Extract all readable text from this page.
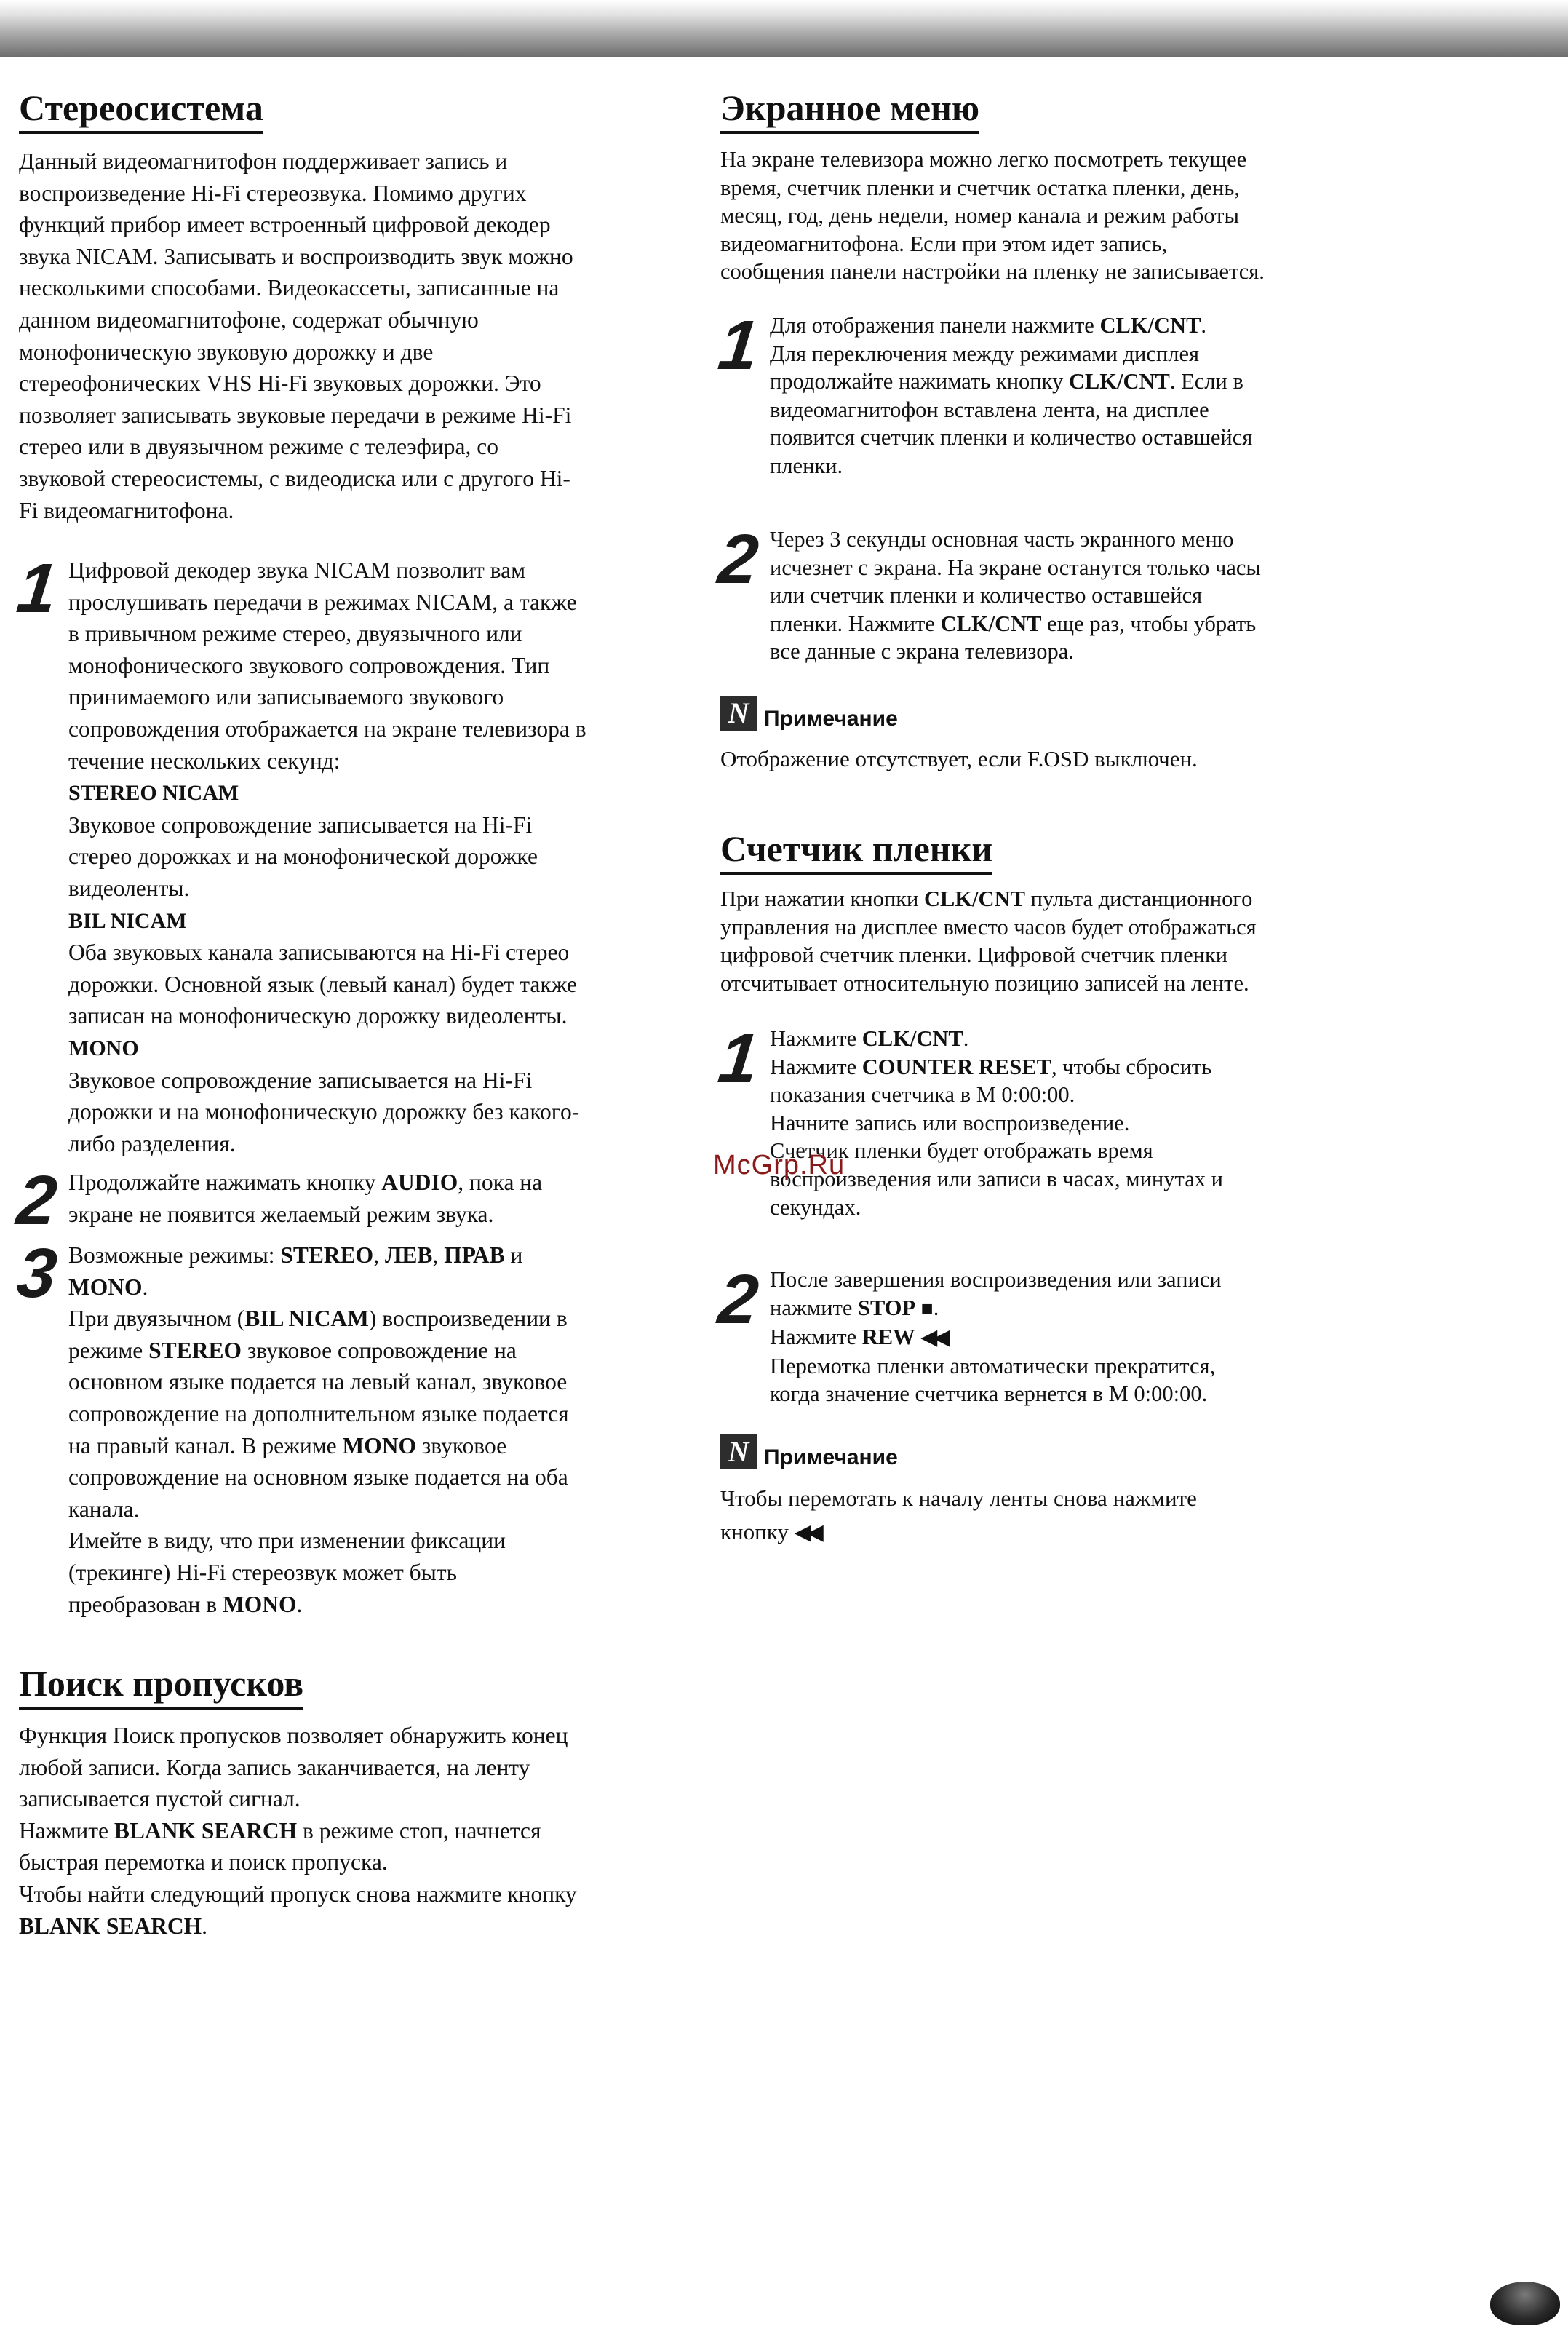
Стереосистема

Данный видеомагнитофон поддерживает запись и
воспроизведение Hi-Fi стереозвука. Помимо других
функций прибор имеет встроенный цифровой декодер
звука NICAM. Записывать и воспроизводить звук можно
несколькими способами. Видеокассеты, записанные на
данном видеомагнитофоне, содержат обычную
монофоническую звуковую дорожку и две
стереофонических VHS Hi-Fi звуковых дорожки. Это
позволяет записывать звуковые передачи в режиме Hi-Fi
стерео или в двуязычном режиме с телеэфира, со
звуковой стереосистемы, с видеодиска или с другого Hi-
Fi видеомагнитофона.

1 Цифровой декодер звука NICAM позволит вам
прослушивать передачи в режимах NICAM, а также
в привычном режиме стерео, двуязычного или
монофонического звукового сопровождения. Тип
принимаемого или записываемого звукового
сопровождения отображается на экране телевизора в
течение нескольких секунд:
STEREO NICAM
Звуковое сопровождение записывается на Hi-Fi
стерео дорожках и на монофонической дорожке
видеоленты.
BIL NICAM
Оба звуковых канала записываются на Hi-Fi стерео
дорожки. Основной язык (левый канал) будет также
записан на монофоническую дорожку видеоленты.
MONO
Звуковое сопровождение записывается на Hi-Fi
дорожки и на монофоническую дорожку без какого-
либо разделения.
2 Продолжайте нажимать кнопку AUDIO, пока на
экране не появится желаемый режим звука.
3 Возможные режимы: STEREO, ЛЕВ, ПРАВ и
MONO.
При двуязычном (BIL NICAM) воспроизведении в
режиме STEREO звуковое сопровождение на
основном языке подается на левый канал, звуковое
сопровождение на дополнительном языке подается
на правый канал. В режиме MONO звуковое
сопровождение на основном языке подается на оба
канала.
Имейте в виду, что при изменении фиксации
(трекинге) Hi-Fi стереозвук может быть
преобразован в MONO.
Поиск пропусков

Функция Поиск пропусков позволяет обнаружить конец
любой записи. Когда запись заканчивается, на ленту
записывается пустой сигнал.
Нажмите BLANK SEARCH в режиме стоп, начнется
быстрая перемотка и поиск пропуска.
Чтобы найти следующий пропуск снова нажмите кнопку
BLANK SEARCH.

Экранное меню

На экране телевизора можно легко посмотреть текущее
время, счетчик пленки и счетчик остатка пленки, день,
месяц, год, день недели, номер канала и режим работы
видеомагнитофона. Если при этом идет запись,
сообщения панели настройки на пленку не записывается.

1 Для отображения панели нажмите CLK/CNT.
Для переключения между режимами дисплея
продолжайте нажимать кнопку CLK/CNT. Если в
видеомагнитофон вставлена лента, на дисплее
появится счетчик пленки и количество оставшейся
пленки.
2 Через 3 секунды основная часть экранного меню
исчезнет с экрана. На экране останутся только часы
или счетчик пленки и количество оставшейся
пленки. Нажмите CLK/CNT еще раз, чтобы убрать
все данные с экрана телевизора.
N Примечание

Отображение отсутствует, если F.OSD выключен.

Счетчик пленки

При нажатии кнопки CLK/CNT пульта дистанционного
управления на дисплее вместо часов будет отображаться
цифровой счетчик пленки. Цифровой счетчик пленки
отсчитывает относительную позицию записей на ленте.

1 Нажмите CLK/CNT.
Нажмите COUNTER RESET, чтобы сбросить
показания счетчика в М 0:00:00.
Начните запись или воспроизведение.
Счетчик пленки будет отображать время
воспроизведения или записи в часах, минутах и
секундах.
2 После завершения воспроизведения или записи
нажмите STOP ■.
Нажмите REW ◀◀.
Перемотка пленки автоматически прекратится,
когда значение счетчика вернется в М 0:00:00.
N Примечание

Чтобы перемотать к началу ленты снова нажмите
кнопку ◀◀.

McGrp.Ru
